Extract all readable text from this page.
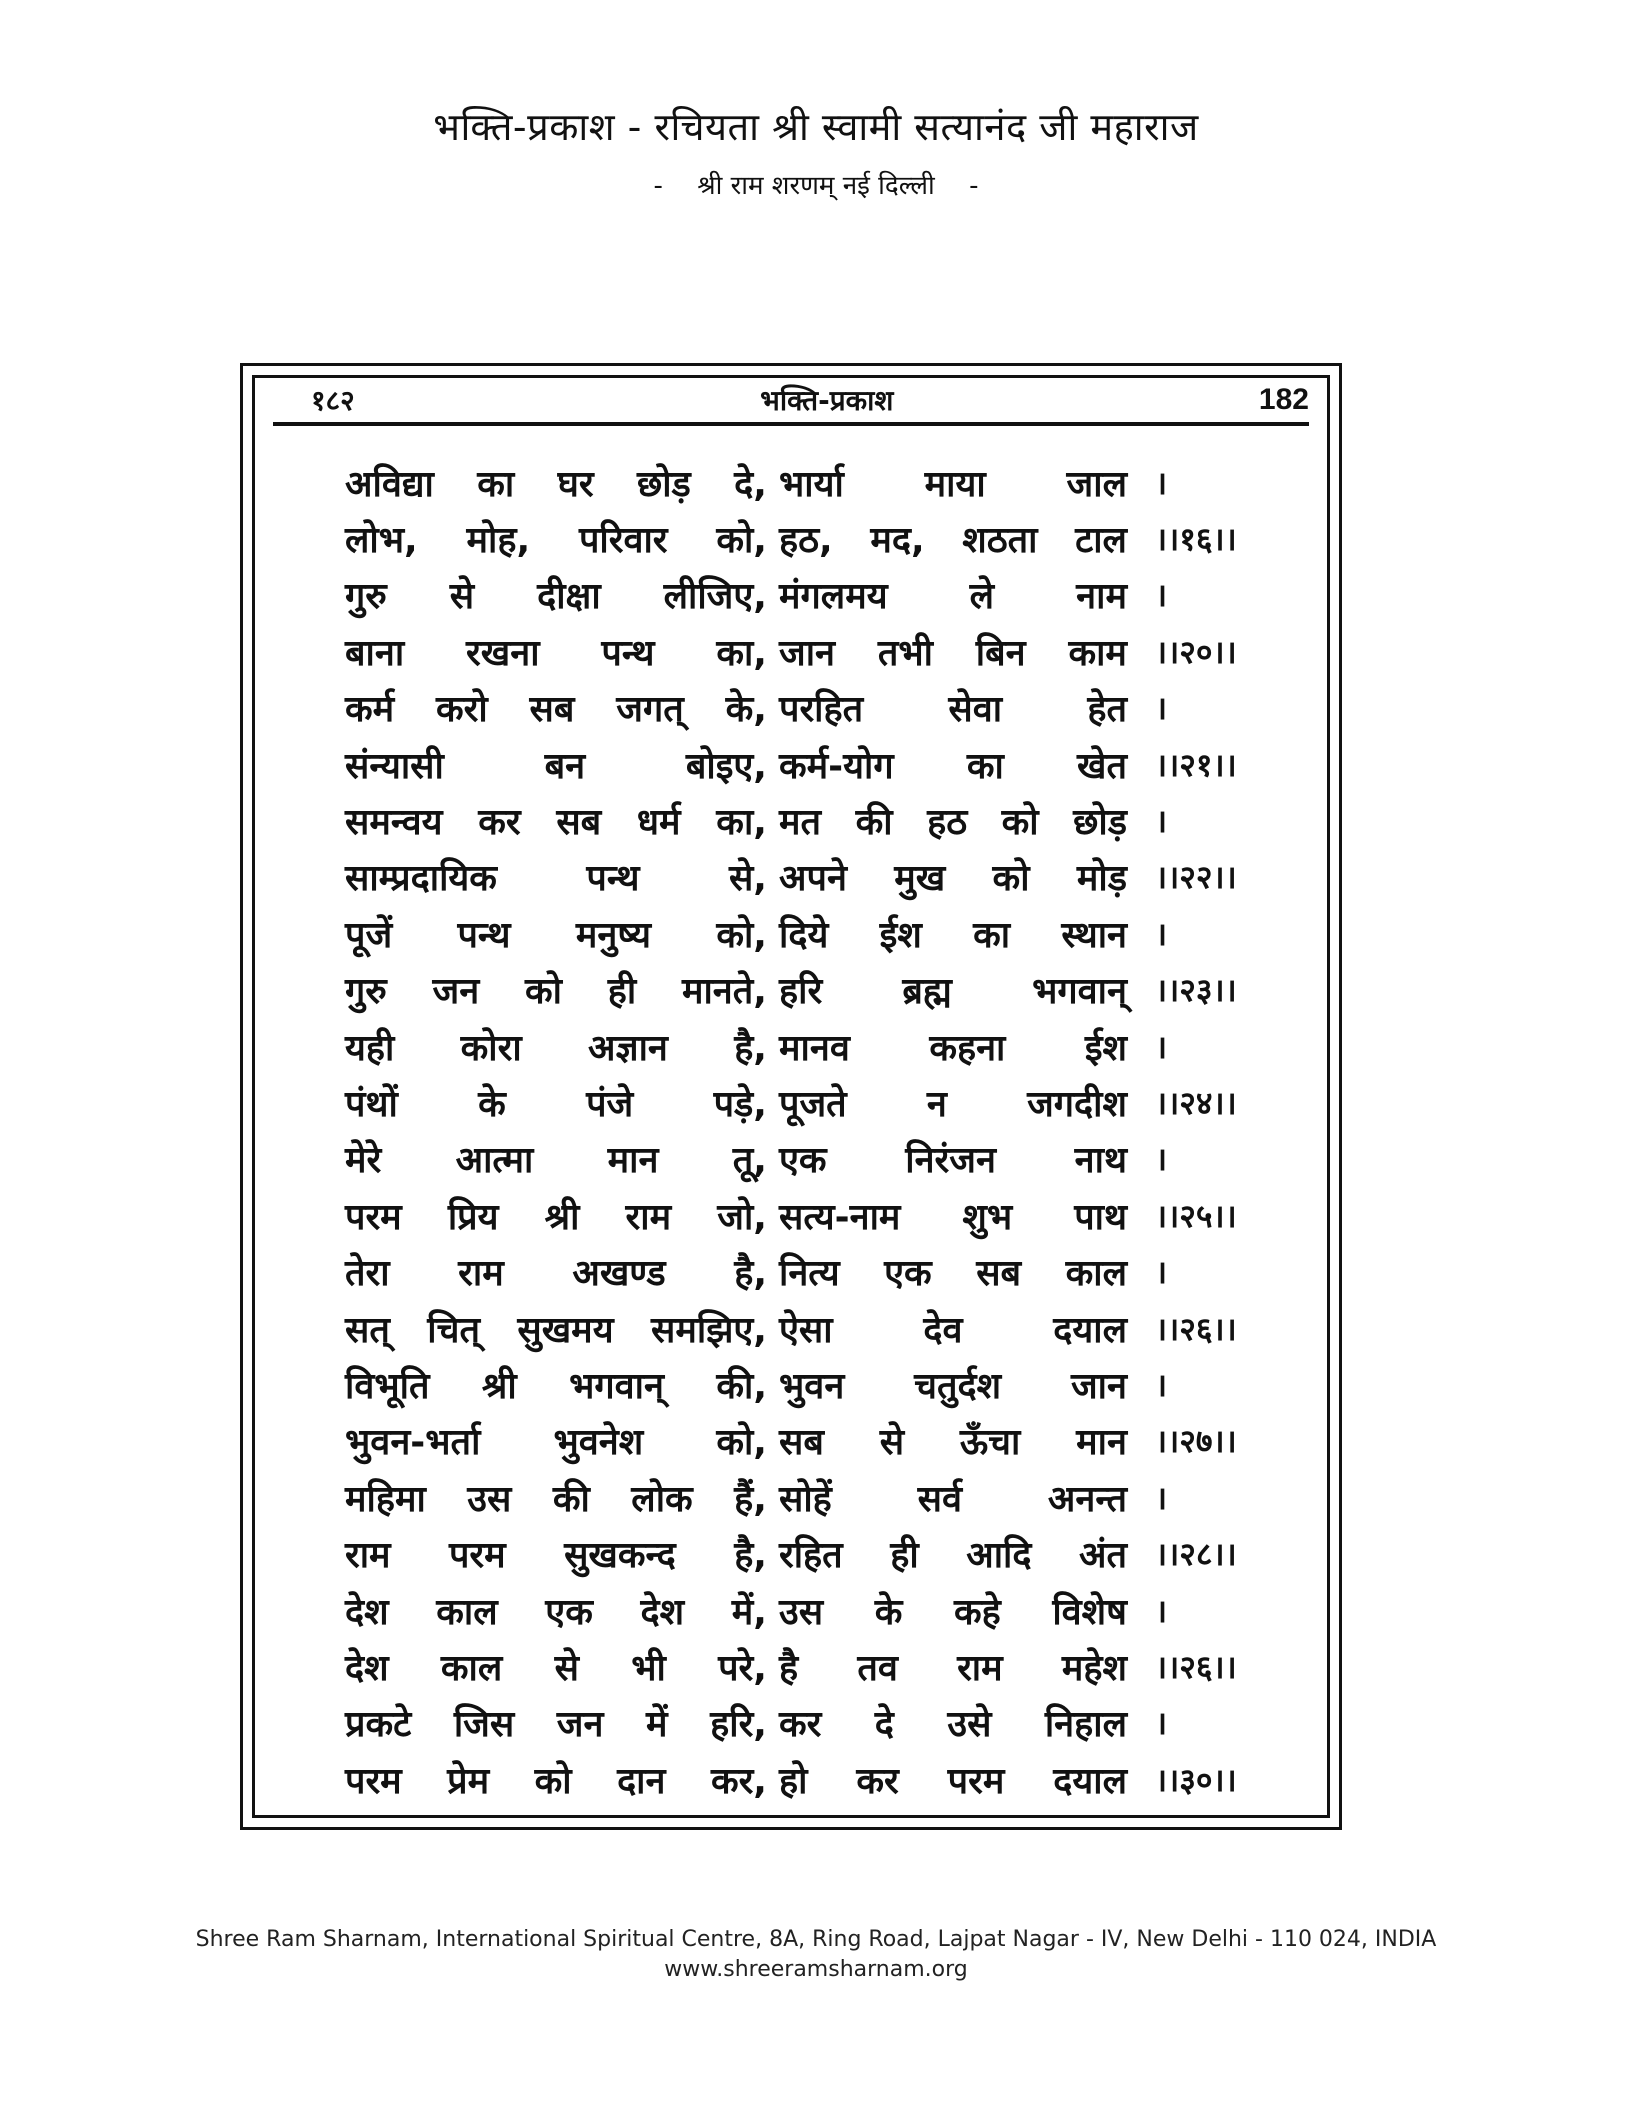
भक्ति-प्रकाश - रचियता श्री स्वामी सत्यानंद जी महाराज
- श्री राम शरणम् नई दिल्ली -
१८२	भक्ति-प्रकाश	182
अविद्या का घर छोड़ दे, भार्या माया जाल ।
लोभ, मोह, परिवार को, हठ, मद, शठता टाल ।।१६।।
गुरु से दीक्षा लीजिए, मंगलमय ले नाम ।
बाना रखना पन्थ का, जान तभी बिन काम ।।२०।।
कर्म करो सब जगत् के, परहित सेवा हेत ।
संन्यासी	बन	बोइए, कर्म-योग का खेत ।।२१।।
समन्वय कर सब धर्म का, मत की हठ को छोड़ ।
साम्प्रदायिक पन्थ से, अपने मुख को मोड़ ।।२२।।
पूजें पन्थ मनुष्य को, दिये ईश का स्थान ।
गुरु जन को ही मानते, हरि ब्रह्म भगवान् ।।२३।।
यही कोरा अज्ञान है, मानव कहना ईश ।
पंथों के पंजे पड़े, पूजते न जगदीश ।।२४।।
मेरे आत्मा मान तू, एक निरंजन नाथ ।
परम प्रिय श्री राम जो, सत्य-नाम शुभ पाथ ।।२५।।
तेरा राम अखण्ड है, नित्य एक सब काल ।
सत् चित् सुखमय समझिए, ऐसा	देव	दयाल ।।२६।।
विभूति श्री भगवान् की, भुवन चतुर्दश जान ।
भुवन-भर्ता भुवनेश को, सब से ऊँचा मान ।।२७।।
महिमा उस की लोक हैं, सोहें सर्व अनन्त ।
राम परम सुखकन्द है, रहित ही आदि अंत ।।२८।।
देश काल एक देश में, उस के कहे विशेष ।
देश काल से भी परे, है तव राम महेश ।।२६।।
प्रकटे जिस जन में हरि, कर दे उसे निहाल ।
परम प्रेम को दान कर, हो कर परम दयाल ।।३०।।
Shree Ram Sharnam, International Spiritual Centre, 8A, Ring Road, Lajpat Nagar - IV, New Delhi - 110 024, INDIA
www.shreeramsharnam.org
